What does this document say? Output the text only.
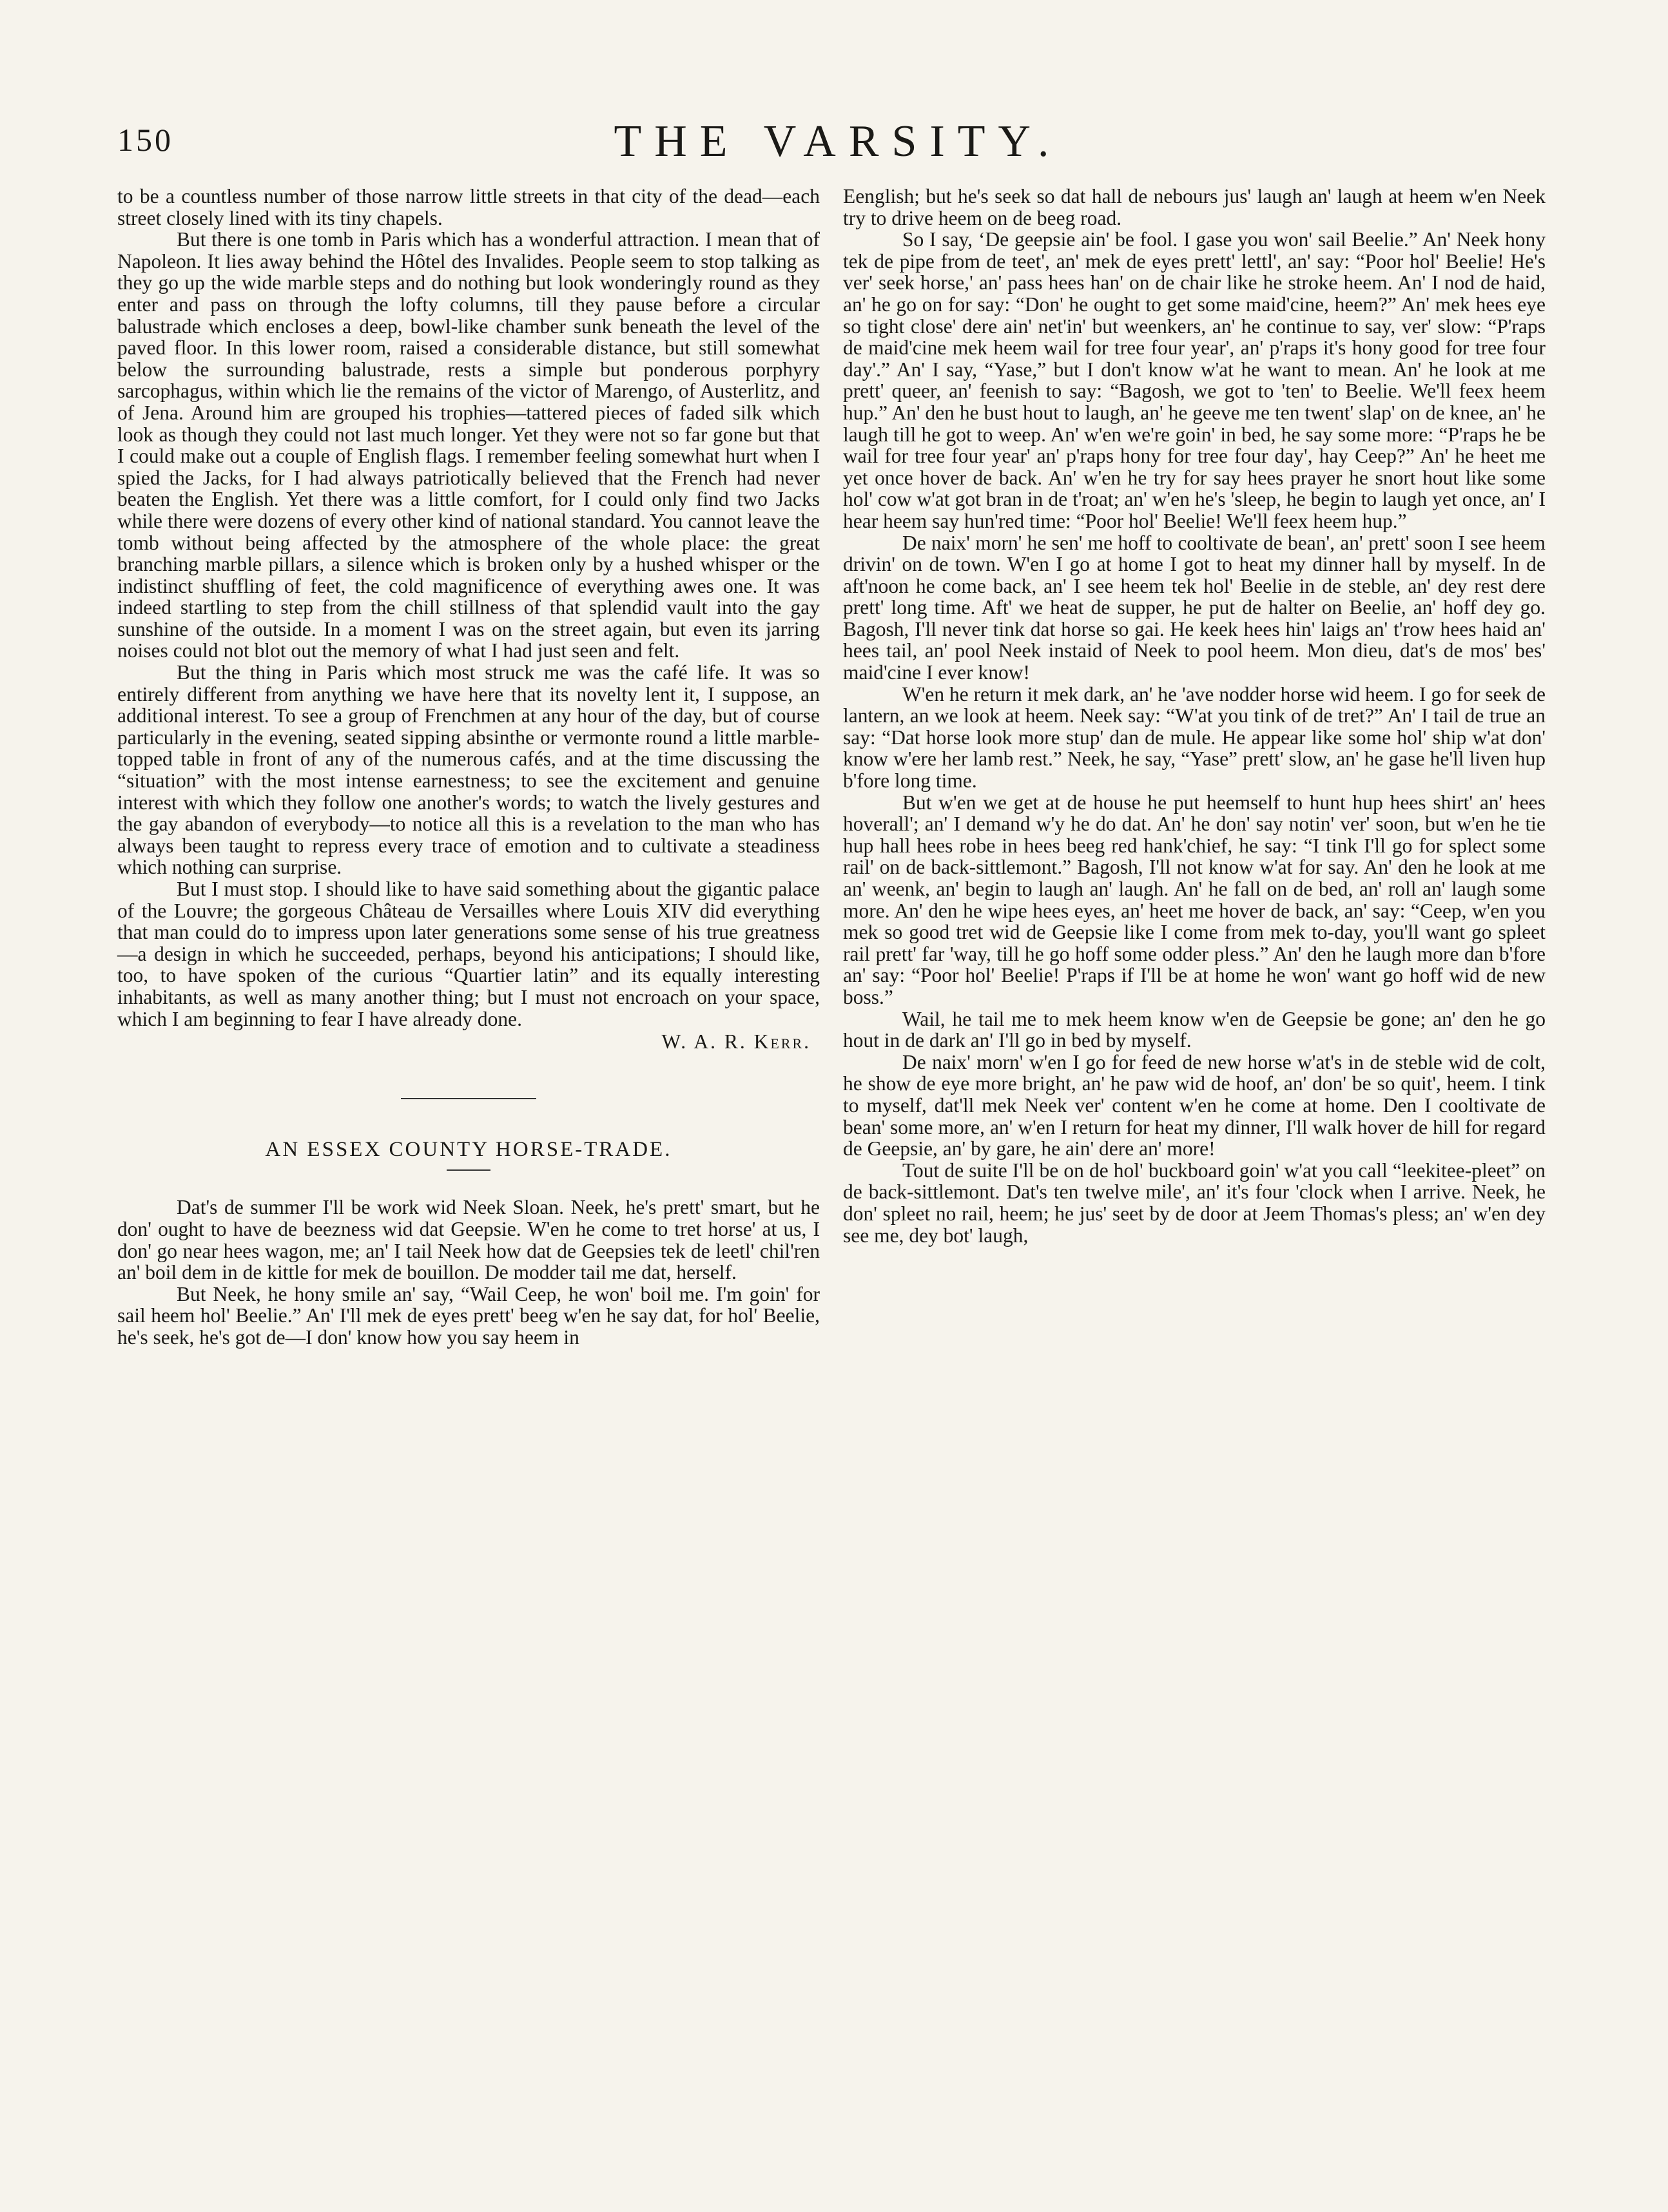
150	THE VARSITY.

to be a countless number of those narrow little streets in that city of the dead—each street closely lined with its tiny chapels.

But there is one tomb in Paris which has a wonderful attraction. I mean that of Napoleon. It lies away behind the Hôtel des Invalides. People seem to stop talking as they go up the wide marble steps and do nothing but look wonderingly round as they enter and pass on through the lofty columns, till they pause before a circular balustrade which encloses a deep, bowl-like chamber sunk beneath the level of the paved floor. In this lower room, raised a considerable distance, but still somewhat below the surrounding balustrade, rests a simple but ponderous porphyry sarcophagus, within which lie the remains of the victor of Marengo, of Austerlitz, and of Jena. Around him are grouped his trophies—tattered pieces of faded silk which look as though they could not last much longer. Yet they were not so far gone but that I could make out a couple of English flags. I remember feeling somewhat hurt when I spied the Jacks, for I had always patriotically believed that the French had never beaten the English. Yet there was a little comfort, for I could only find two Jacks while there were dozens of every other kind of national standard. You cannot leave the tomb without being affected by the atmosphere of the whole place: the great branching marble pillars, a silence which is broken only by a hushed whisper or the indistinct shuffling of feet, the cold magnificence of everything awes one. It was indeed startling to step from the chill stillness of that splendid vault into the gay sunshine of the outside. In a moment I was on the street again, but even its jarring noises could not blot out the memory of what I had just seen and felt.

But the thing in Paris which most struck me was the café life. It was so entirely different from anything we have here that its novelty lent it, I suppose, an additional interest. To see a group of Frenchmen at any hour of the day, but of course particularly in the evening, seated sipping absinthe or vermonte round a little marble-topped table in front of any of the numerous cafés, and at the time discussing the “situation” with the most intense earnestness; to see the excitement and genuine interest with which they follow one another's words; to watch the lively gestures and the gay abandon of everybody—to notice all this is a revelation to the man who has always been taught to repress every trace of emotion and to cultivate a steadiness which nothing can surprise.

But I must stop. I should like to have said something about the gigantic palace of the Louvre; the gorgeous Château de Versailles where Louis XIV did everything that man could do to impress upon later generations some sense of his true greatness—a design in which he succeeded, perhaps, beyond his anticipations; I should like, too, to have spoken of the curious “Quartier latin” and its equally interesting inhabitants, as well as many another thing; but I must not encroach on your space, which I am beginning to fear I have already done.

W. A. R. Kerr.
AN ESSEX COUNTY HORSE-TRADE.

Dat's de summer I'll be work wid Neek Sloan. Neek, he's prett' smart, but he don' ought to have de beezness wid dat Geepsie. W'en he come to tret horse' at us, I don' go near hees wagon, me; an' I tail Neek how dat de Geepsies tek de leetl' chil'ren an' boil dem in de kittle for mek de bouillon. De modder tail me dat, herself.

But Neek, he hony smile an' say, “Wail Ceep, he won' boil me. I'm goin' for sail heem hol' Beelie.” An' I'll mek de eyes prett' beeg w'en he say dat, for hol' Beelie, he's seek, he's got de—I don' know how you say heem in

Eenglish; but he's seek so dat hall de nebours jus' laugh an' laugh at heem w'en Neek try to drive heem on de beeg road.

So I say, ‘De geepsie ain' be fool. I gase you won' sail Beelie.” An' Neek hony tek de pipe from de teet', an' mek de eyes prett' lettl', an' say: “Poor hol' Beelie! He's ver' seek horse,' an' pass hees han' on de chair like he stroke heem. An' I nod de haid, an' he go on for say: “Don' he ought to get some maid'cine, heem?” An' mek hees eye so tight close' dere ain' net'in' but weenkers, an' he continue to say, ver' slow: “P'raps de maid'cine mek heem wail for tree four year', an' p'raps it's hony good for tree four day'.” An' I say, “Yase,” but I don't know w'at he want to mean. An' he look at me prett' queer, an' feenish to say: “Bagosh, we got to 'ten' to Beelie. We'll feex heem hup.” An' den he bust hout to laugh, an' he geeve me ten twent' slap' on de knee, an' he laugh till he got to weep. An' w'en we're goin' in bed, he say some more: “P'raps he be wail for tree four year' an' p'raps hony for tree four day', hay Ceep?” An' he heet me yet once hover de back. An' w'en he try for say hees prayer he snort hout like some hol' cow w'at got bran in de t'roat; an' w'en he's 'sleep, he begin to laugh yet once, an' I hear heem say hun'red time: “Poor hol' Beelie! We'll feex heem hup.”

De naix' morn' he sen' me hoff to cooltivate de bean', an' prett' soon I see heem drivin' on de town. W'en I go at home I got to heat my dinner hall by myself. In de aft'noon he come back, an' I see heem tek hol' Beelie in de steble, an' dey rest dere prett' long time. Aft' we heat de supper, he put de halter on Beelie, an' hoff dey go. Bagosh, I'll never tink dat horse so gai. He keek hees hin' laigs an' t'row hees haid an' hees tail, an' pool Neek instaid of Neek to pool heem. Mon dieu, dat's de mos' bes' maid'cine I ever know!

W'en he return it mek dark, an' he 'ave nodder horse wid heem. I go for seek de lantern, an we look at heem. Neek say: “W'at you tink of de tret?” An' I tail de true an say: “Dat horse look more stup' dan de mule. He appear like some hol' ship w'at don' know w'ere her lamb rest.” Neek, he say, “Yase” prett' slow, an' he gase he'll liven hup b'fore long time.

But w'en we get at de house he put heemself to hunt hup hees shirt' an' hees hoverall'; an' I demand w'y he do dat. An' he don' say notin' ver' soon, but w'en he tie hup hall hees robe in hees beeg red hank'chief, he say: “I tink I'll go for splect some rail' on de back-sittlemont.” Bagosh, I'll not know w'at for say. An' den he look at me an' weenk, an' begin to laugh an' laugh. An' he fall on de bed, an' roll an' laugh some more. An' den he wipe hees eyes, an' heet me hover de back, an' say: “Ceep, w'en you mek so good tret wid de Geepsie like I come from mek to-day, you'll want go spleet rail prett' far 'way, till he go hoff some odder pless.” An' den he laugh more dan b'fore an' say: “Poor hol' Beelie! P'raps if I'll be at home he won' want go hoff wid de new boss.”

Wail, he tail me to mek heem know w'en de Geepsie be gone; an' den he go hout in de dark an' I'll go in bed by myself.

De naix' morn' w'en I go for feed de new horse w'at's in de steble wid de colt, he show de eye more bright, an' he paw wid de hoof, an' don' be so quit', heem. I tink to myself, dat'll mek Neek ver' content w'en he come at home. Den I cooltivate de bean' some more, an' w'en I return for heat my dinner, I'll walk hover de hill for regard de Geepsie, an' by gare, he ain' dere an' more!

Tout de suite I'll be on de hol' buckboard goin' w'at you call “leekitee-pleet” on de back-sittlemont. Dat's ten twelve mile', an' it's four 'clock when I arrive. Neek, he don' spleet no rail, heem; he jus' seet by de door at Jeem Thomas's pless; an' w'en dey see me, dey bot' laugh,
